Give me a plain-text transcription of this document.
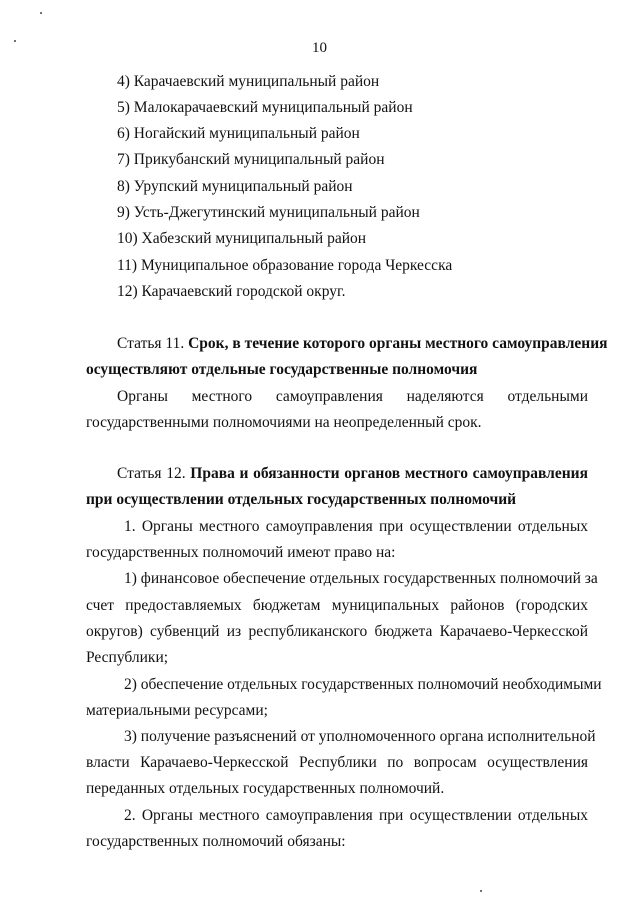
10
4) Карачаевский муниципальный район
5) Малокарачаевский муниципальный район
6) Ногайский муниципальный район
7) Прикубанский муниципальный район
8) Урупский муниципальный район
9) Усть-Джегутинский муниципальный район
10) Хабезский муниципальный район
11) Муниципальное образование города Черкесска
12) Карачаевский городской округ.
Статья 11. Срок, в течение которого органы местного самоуправления
осуществляют отдельные государственные полномочия
Органы местного самоуправления наделяются отдельными
государственными полномочиями на неопределенный срок.
Статья 12. Права и обязанности органов местного самоуправления
при осуществлении отдельных государственных полномочий
1. Органы местного самоуправления при осуществлении отдельных
государственных полномочий имеют право на:
1) финансовое обеспечение отдельных государственных полномочий за
счет предоставляемых бюджетам муниципальных районов (городских
округов) субвенций из республиканского бюджета Карачаево-Черкесской
Республики;
2) обеспечение отдельных государственных полномочий необходимыми
материальными ресурсами;
3) получение разъяснений от уполномоченного органа исполнительной
власти Карачаево-Черкесской Республики по вопросам осуществления
переданных отдельных государственных полномочий.
2. Органы местного самоуправления при осуществлении отдельных
государственных полномочий обязаны:
